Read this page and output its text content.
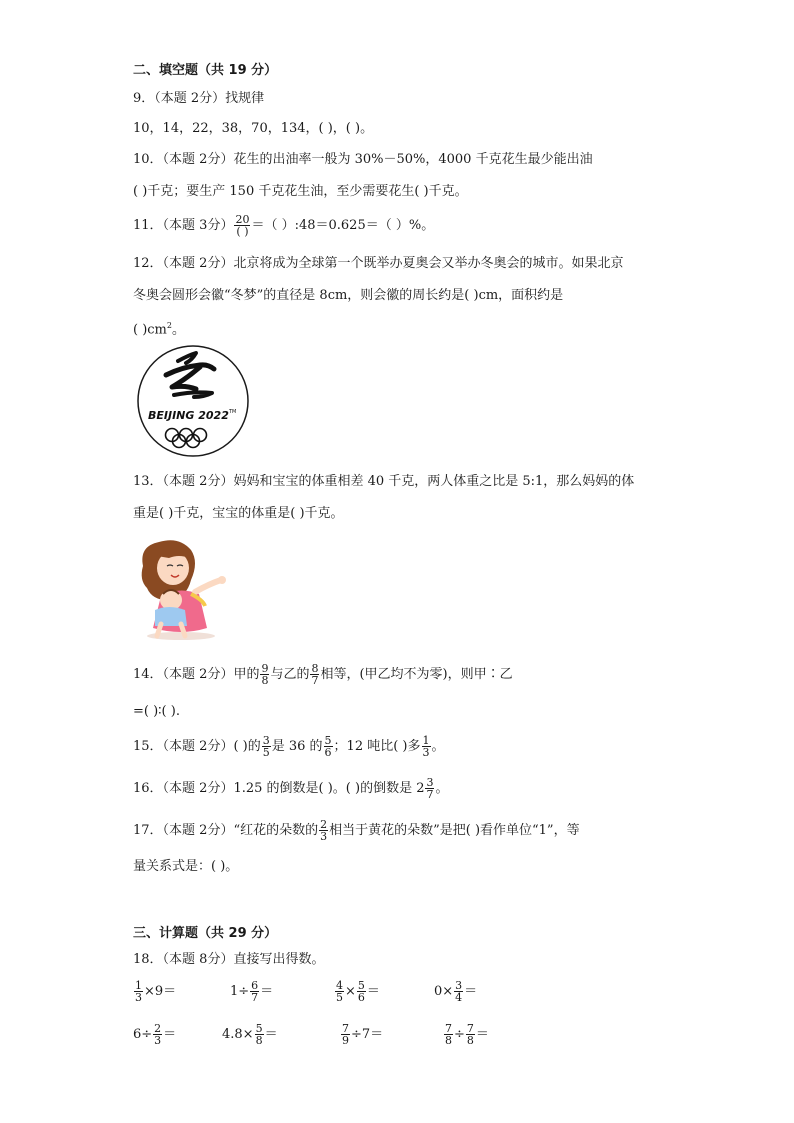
二、填空题（共 19 分）
9．（本题 2分）找规律
10，14，22，38，70，134，( )，( )。
10．（本题 2分）花生的出油率一般为 30%－50%，4000 千克花生最少能出油
( )千克；要生产 150 千克花生油，至少需要花生( )千克。
11．（本题 3分） $\frac{20}{( )}$ ＝（ ）:48＝0.625＝（ ）%。
12．（本题 2分）北京将成为全球第一个既举办夏奥会又举办冬奥会的城市。如果北京
冬奥会圆形会徽“冬梦”的直径是 8cm，则会徽的周长约是( )cm，面积约是
( )$cm^2$。
BEIJING 2022 TM
13．（本题 2分）妈妈和宝宝的体重相差 40 千克，两人体重之比是 5:1，那么妈妈的体
重是( )千克，宝宝的体重是( )千克。
14．（本题 2分）甲的 $\frac{9}{8}$ 与乙的 $\frac{8}{7}$ 相等，(甲乙均不为零)，则甲∶乙
=( )∶( ).
15．（本题 2分）( )的 $\frac{3}{5}$ 是 36 的 $\frac{5}{6}$ ；12 吨比( )多 $\frac{1}{3}$ 。
16．（本题 2分）1.25 的倒数是( )。( )的倒数是 $2 \frac{3}{7}$ 。
17．（本题 2分）“红花的朵数的 $\frac{2}{3}$ 相当于黄花的朵数”是把( )看作单位“1”，等
量关系式是：( )。
三、计算题（共 29 分）
18．（本题 8分）直接写出得数。
$\frac{1}{3} \times 9=$	$1\div \frac{6}{7}$ ＝	$\frac{4}{5} \times \frac{5}{6}$ ＝	$0\times \frac{3}{4}$ ＝
$6\div \frac{2}{3}$ ＝	$4.8\times \frac{5}{8}$ ＝	$\frac{7}{9} \div 7=$	$\frac{7}{8} \div \frac{7}{8}$ ＝
